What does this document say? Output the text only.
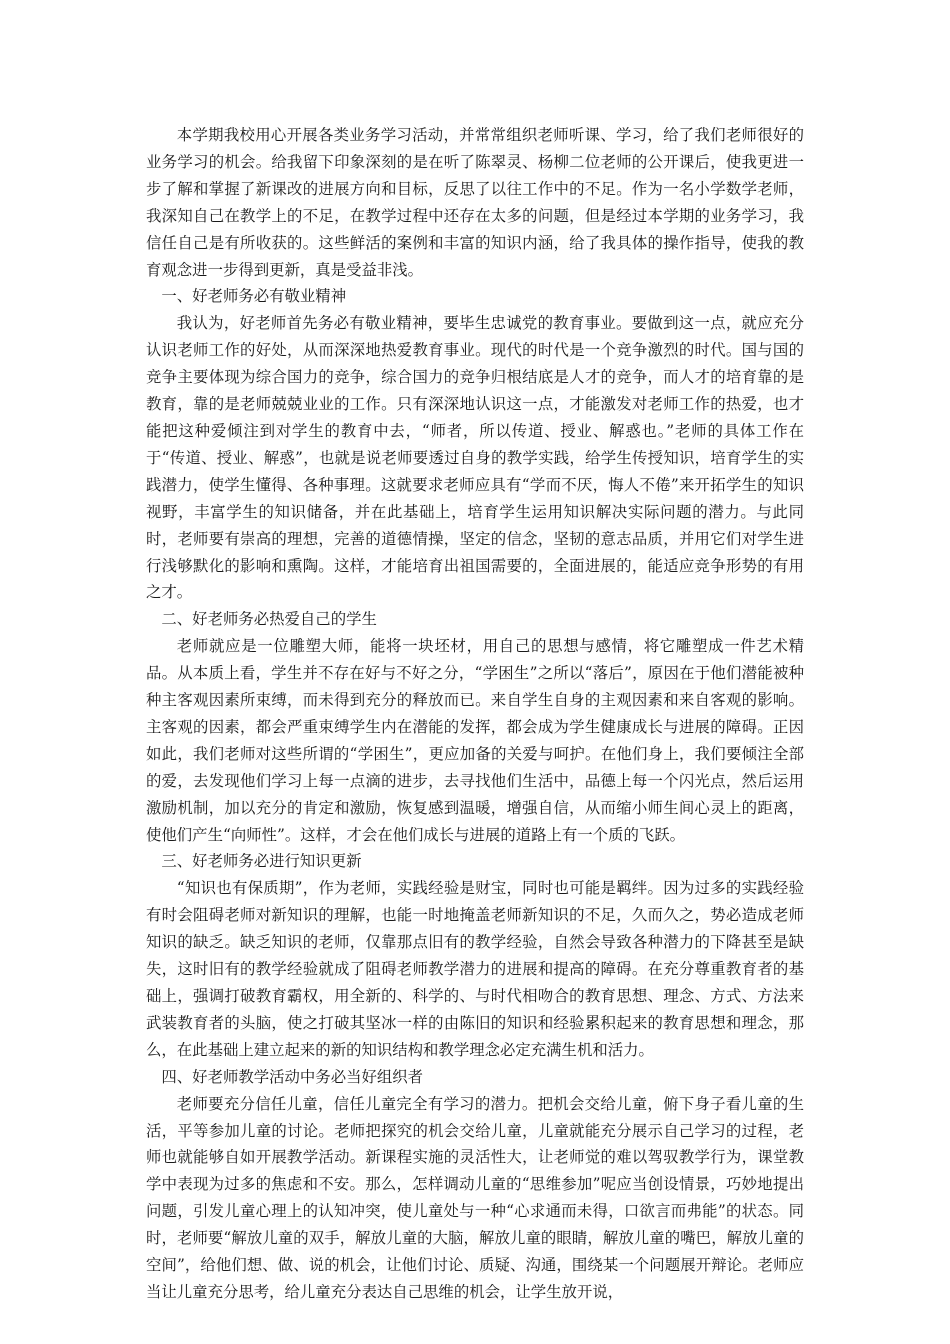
本学期我校用心开展各类业务学习活动，并常常组织老师听课、学习，给了我们老师很好的业务学习的机会。给我留下印象深刻的是在听了陈翠灵、杨柳二位老师的公开课后，使我更进一步了解和掌握了新课改的进展方向和目标，反思了以往工作中的不足。作为一名小学数学老师，我深知自己在教学上的不足，在教学过程中还存在太多的问题，但是经过本学期的业务学习，我信任自己是有所收获的。这些鲜活的案例和丰富的知识内涵，给了我具体的操作指导，使我的教育观念进一步得到更新，真是受益非浅。

一、好老师务必有敬业精神

我认为，好老师首先务必有敬业精神，要毕生忠诚党的教育事业。要做到这一点，就应充分认识老师工作的好处，从而深深地热爱教育事业。现代的时代是一个竞争激烈的时代。国与国的竞争主要体现为综合国力的竞争，综合国力的竞争归根结底是人才的竞争，而人才的培育靠的是教育，靠的是老师兢兢业业的工作。只有深深地认识这一点，才能激发对老师工作的热爱，也才能把这种爱倾注到对学生的教育中去，“师者，所以传道、授业、解惑也。”老师的具体工作在于“传道、授业、解惑”，也就是说老师要透过自身的教学实践，给学生传授知识，培育学生的实践潜力，使学生懂得、各种事理。这就要求老师应具有“学而不厌，悔人不倦”来开拓学生的知识视野，丰富学生的知识储备，并在此基础上，培育学生运用知识解决实际问题的潜力。与此同时，老师要有崇高的理想，完善的道德情操，坚定的信念，坚韧的意志品质，并用它们对学生进行浅够默化的影响和熏陶。这样，才能培育出祖国需要的，全面进展的，能适应竞争形势的有用之才。

二、好老师务必热爱自己的学生

老师就应是一位雕塑大师，能将一块坯材，用自己的思想与感情，将它雕塑成一件艺术精品。从本质上看，学生并不存在好与不好之分，“学困生”之所以“落后”，原因在于他们潜能被种种主客观因素所束缚，而未得到充分的释放而已。来自学生自身的主观因素和来自客观的影响。主客观的因素，都会严重束缚学生内在潜能的发挥，都会成为学生健康成长与进展的障碍。正因如此，我们老师对这些所谓的“学困生”，更应加备的关爱与呵护。在他们身上，我们要倾注全部的爱，去发现他们学习上每一点滴的进步，去寻找他们生活中，品德上每一个闪光点，然后运用激励机制，加以充分的肯定和激励，恢复感到温暖，增强自信，从而缩小师生间心灵上的距离，使他们产生“向师性”。这样，才会在他们成长与进展的道路上有一个质的飞跃。

三、好老师务必进行知识更新

“知识也有保质期”，作为老师，实践经验是财宝，同时也可能是羁绊。因为过多的实践经验有时会阻碍老师对新知识的理解，也能一时地掩盖老师新知识的不足，久而久之，势必造成老师知识的缺乏。缺乏知识的老师，仅靠那点旧有的教学经验，自然会导致各种潜力的下降甚至是缺失，这时旧有的教学经验就成了阻碍老师教学潜力的进展和提高的障碍。在充分尊重教育者的基础上，强调打破教育霸权，用全新的、科学的、与时代相吻合的教育思想、理念、方式、方法来武装教育者的头脑，使之打破其坚冰一样的由陈旧的知识和经验累积起来的教育思想和理念，那么，在此基础上建立起来的新的知识结构和教学理念必定充满生机和活力。

四、好老师教学活动中务必当好组织者

老师要充分信任儿童，信任儿童完全有学习的潜力。把机会交给儿童，俯下身子看儿童的生活，平等参加儿童的讨论。老师把探究的机会交给儿童，儿童就能充分展示自己学习的过程，老师也就能够自如开展教学活动。新课程实施的灵活性大，让老师觉的难以驾驭教学行为，课堂教学中表现为过多的焦虑和不安。那么，怎样调动儿童的“思维参加”呢应当创设情景，巧妙地提出问题，引发儿童心理上的认知冲突，使儿童处与一种“心求通而未得，口欲言而弗能”的状态。同时，老师要“解放儿童的双手，解放儿童的大脑，解放儿童的眼睛，解放儿童的嘴巴，解放儿童的空间”，给他们想、做、说的机会，让他们讨论、质疑、沟通，围绕某一个问题展开辩论。老师应当让儿童充分思考，给儿童充分表达自己思维的机会，让学生放开说，
